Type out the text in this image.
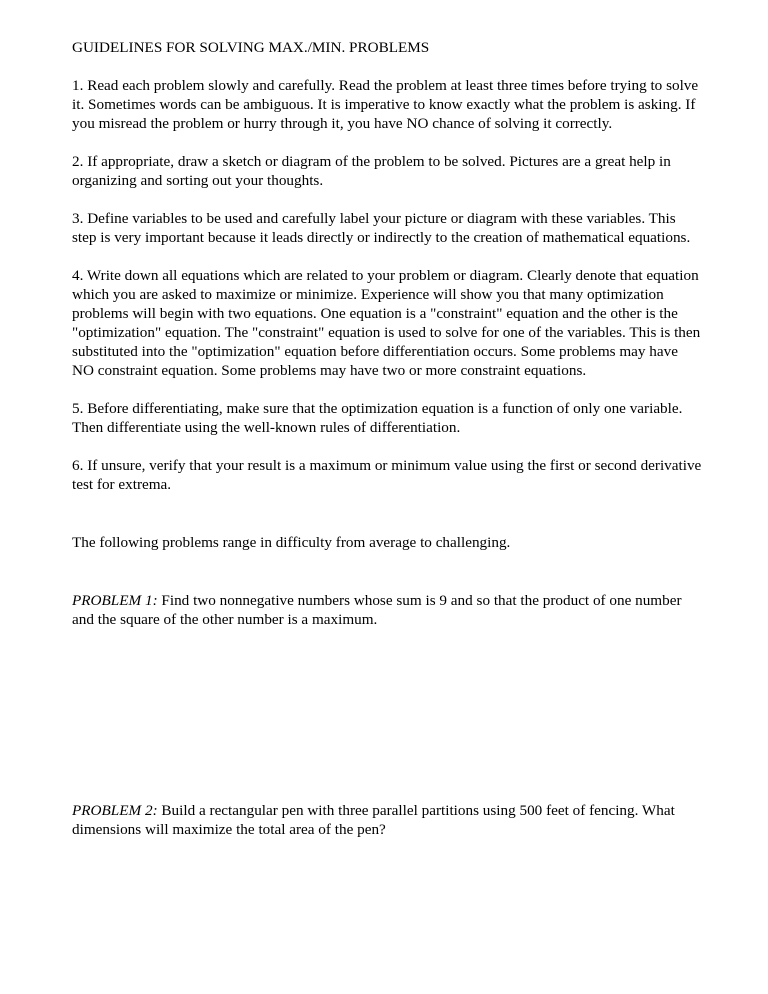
GUIDELINES FOR SOLVING MAX./MIN. PROBLEMS

1. Read each problem slowly and carefully. Read the problem at least three times before trying to solve it. Sometimes words can be ambiguous. It is imperative to know exactly what the problem is asking. If you misread the problem or hurry through it, you have NO chance of solving it correctly.

2. If appropriate, draw a sketch or diagram of the problem to be solved. Pictures are a great help in organizing and sorting out your thoughts.

3. Define variables to be used and carefully label your picture or diagram with these variables. This step is very important because it leads directly or indirectly to the creation of mathematical equations.

4. Write down all equations which are related to your problem or diagram. Clearly denote that equation which you are asked to maximize or minimize. Experience will show you that many optimization problems will begin with two equations. One equation is a "constraint" equation and the other is the "optimization" equation. The "constraint" equation is used to solve for one of the variables. This is then substituted into the "optimization" equation before differentiation occurs. Some problems may have NO constraint equation. Some problems may have two or more constraint equations.

5. Before differentiating, make sure that the optimization equation is a function of only one variable. Then differentiate using the well-known rules of differentiation.

6. If unsure, verify that your result is a maximum or minimum value using the first or second derivative test for extrema.

The following problems range in difficulty from average to challenging.

PROBLEM 1: Find two nonnegative numbers whose sum is 9 and so that the product of one number and the square of the other number is a maximum.

PROBLEM 2: Build a rectangular pen with three parallel partitions using 500 feet of fencing. What dimensions will maximize the total area of the pen?
